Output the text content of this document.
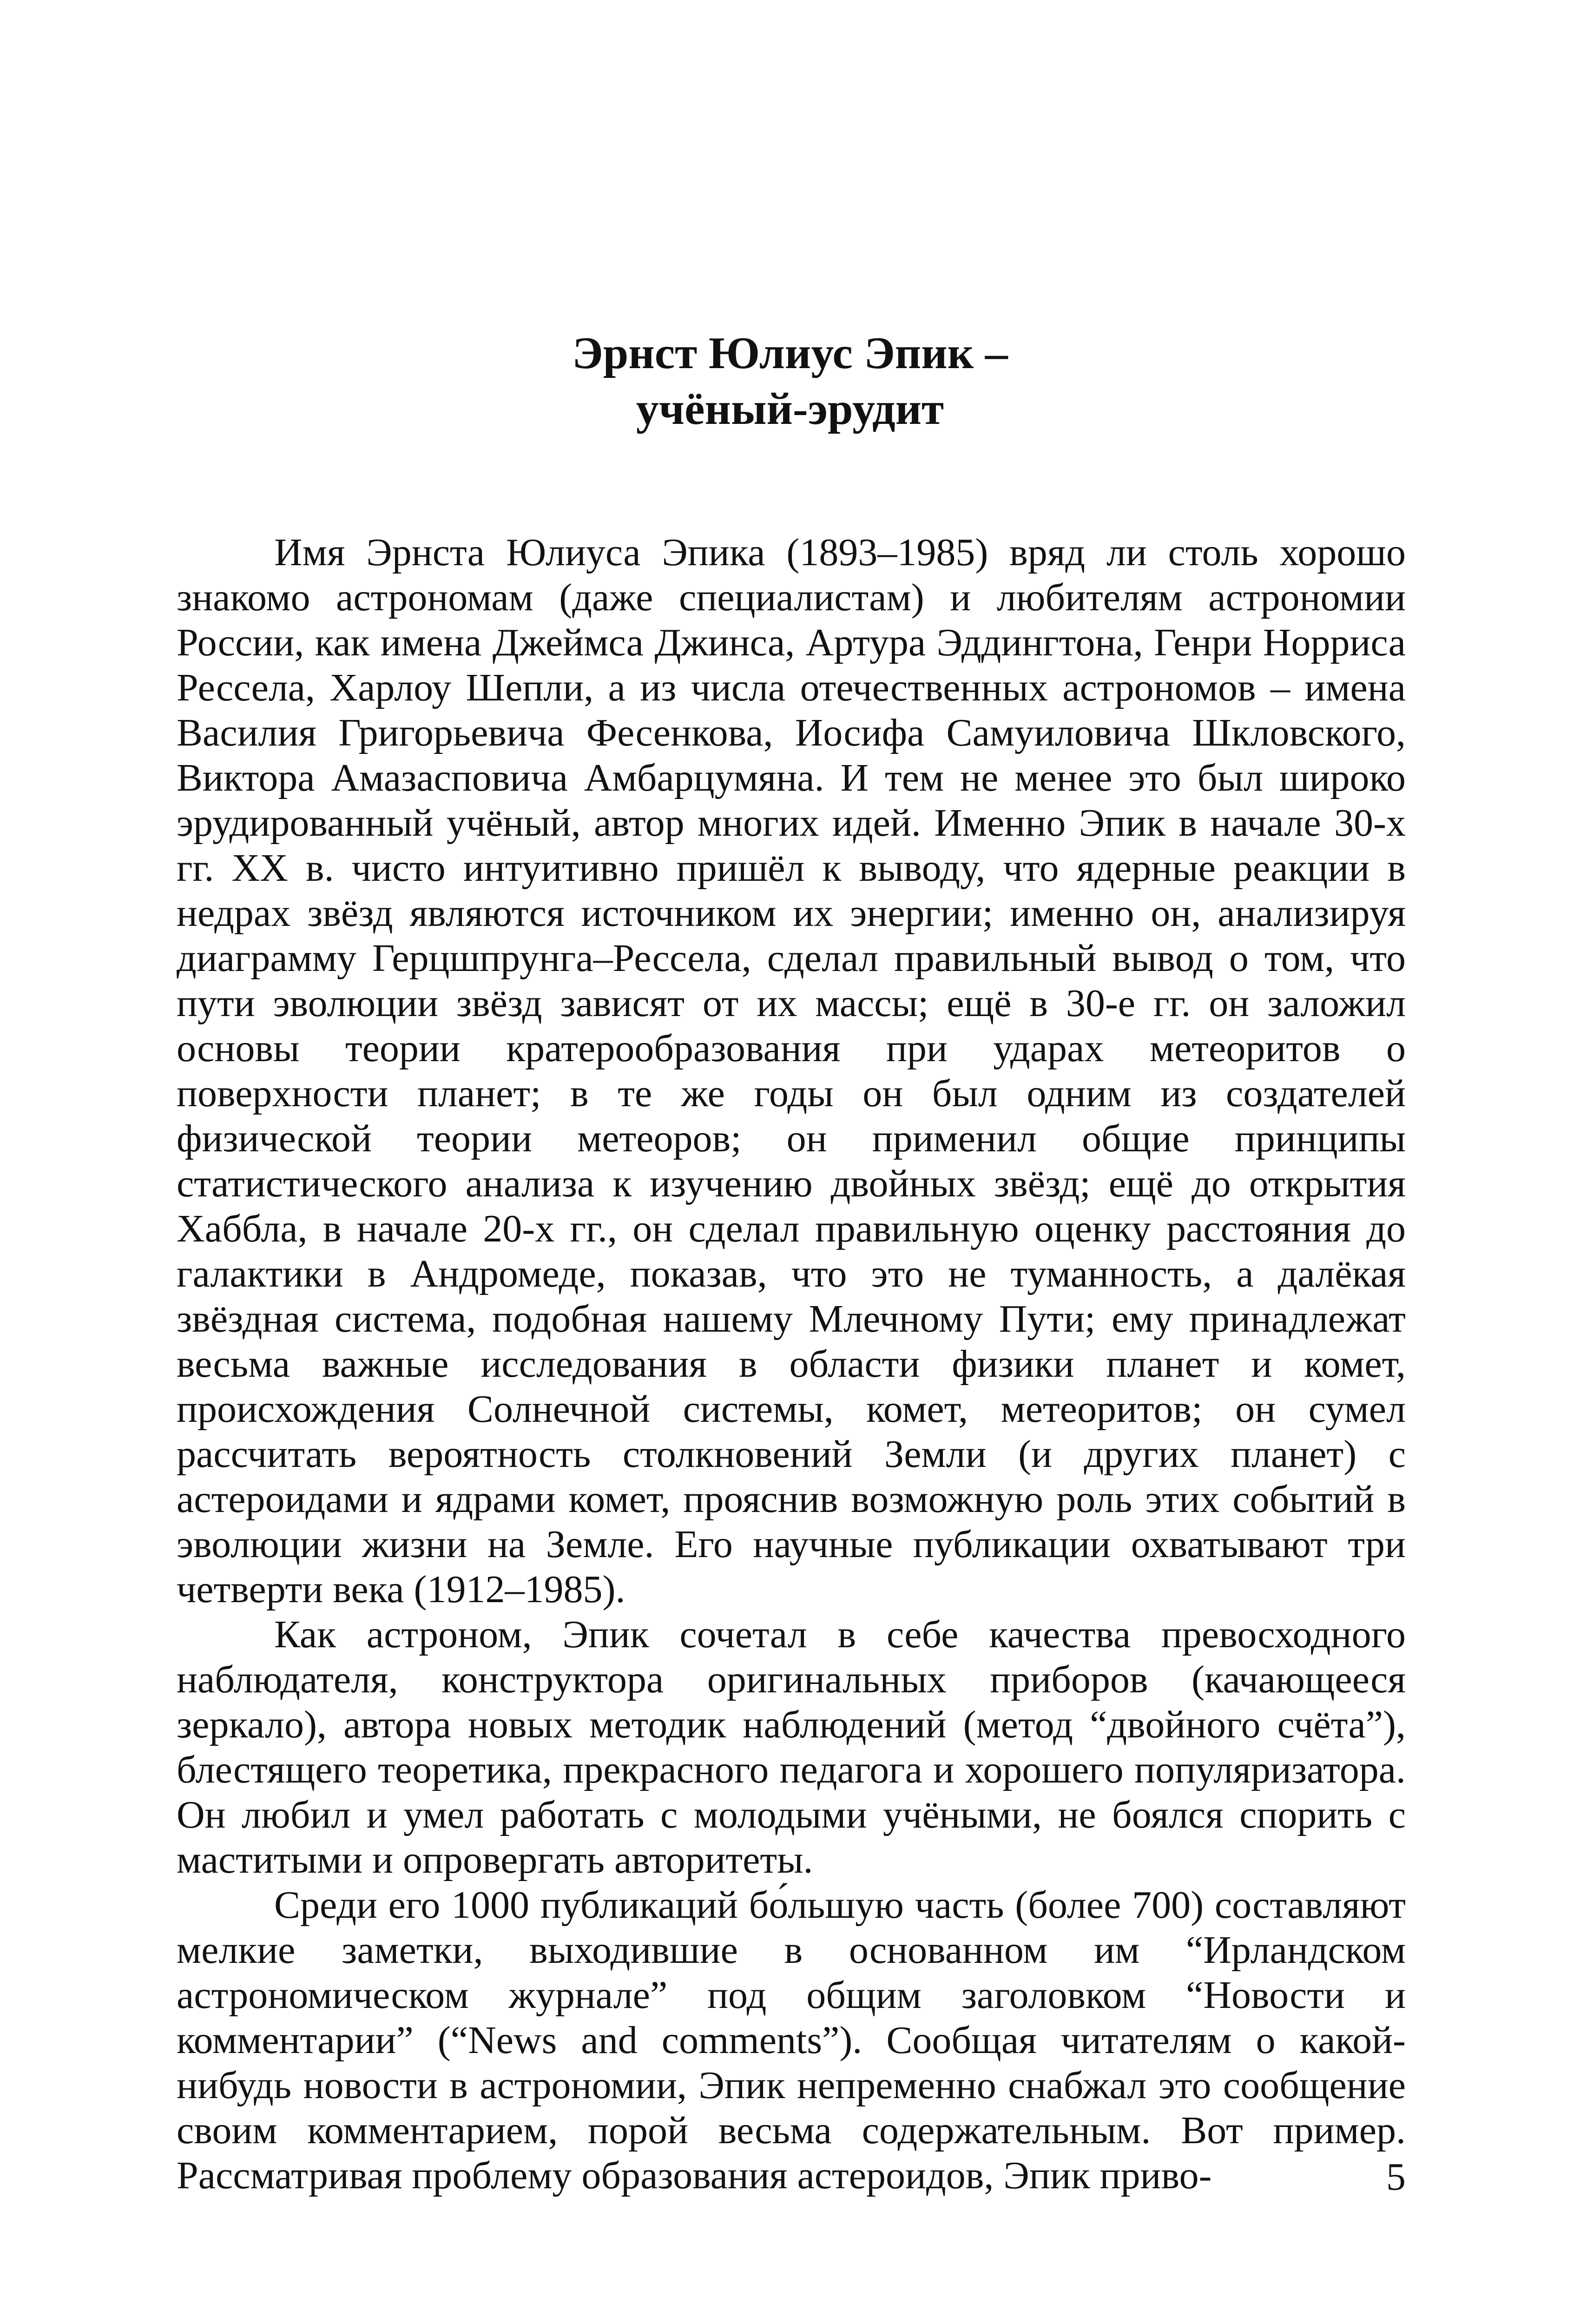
Эрнст Юлиус Эпик –
учёный-эрудит

Имя Эрнста Юлиуса Эпика (1893–1985) вряд ли столь хорошо знакомо астрономам (даже специалистам) и любителям астрономии России, как имена Джеймса Джинса, Артура Эддингтона, Генри Норриса Рессела, Харлоу Шепли, а из числа отечественных астрономов – имена Василия Григорьевича Фесенкова, Иосифа Самуиловича Шкловского, Виктора Амазасповича Амбарцумяна. И тем не менее это был широко эрудированный учёный, автор многих идей. Именно Эпик в начале 30-х гг. XX в. чисто интуитивно пришёл к выводу, что ядерные реакции в недрах звёзд являются источником их энергии; именно он, анализируя диаграмму Герцшпрунга–Рессела, сделал правильный вывод о том, что пути эволюции звёзд зависят от их массы; ещё в 30-е гг. он заложил основы теории кратерообразования при ударах метеоритов о поверхности планет; в те же годы он был одним из создателей физической теории метеоров; он применил общие принципы статистического анализа к изучению двойных звёзд; ещё до открытия Хаббла, в начале 20-х гг., он сделал правильную оценку расстояния до галактики в Андромеде, показав, что это не туманность, а далёкая звёздная система, подобная нашему Млечному Пути; ему принадлежат весьма важные исследования в области физики планет и комет, происхождения Солнечной системы, комет, метеоритов; он сумел рассчитать вероятность столкновений Земли (и других планет) с астероидами и ядрами комет, прояснив возможную роль этих событий в эволюции жизни на Земле. Его научные публикации охватывают три четверти века (1912–1985).

Как астроном, Эпик сочетал в себе качества превосходного наблюдателя, конструктора оригинальных приборов (качающееся зеркало), автора новых методик наблюдений (метод “двойного счёта”), блестящего теоретика, прекрасного педагога и хорошего популяризатора. Он любил и умел работать с молодыми учёными, не боялся спорить с маститыми и опровергать авторитеты.

Среди его 1000 публикаций бо́льшую часть (более 700) составляют мелкие заметки, выходившие в основанном им “Ирландском астрономическом журнале” под общим заголовком “Новости и комментарии” (“News and comments”). Сообщая читателям о какой-нибудь новости в астрономии, Эпик непременно снабжал это сообщение своим комментарием, порой весьма содержательным. Вот пример. Рассматривая проблему образования астероидов, Эпик приво-	5
